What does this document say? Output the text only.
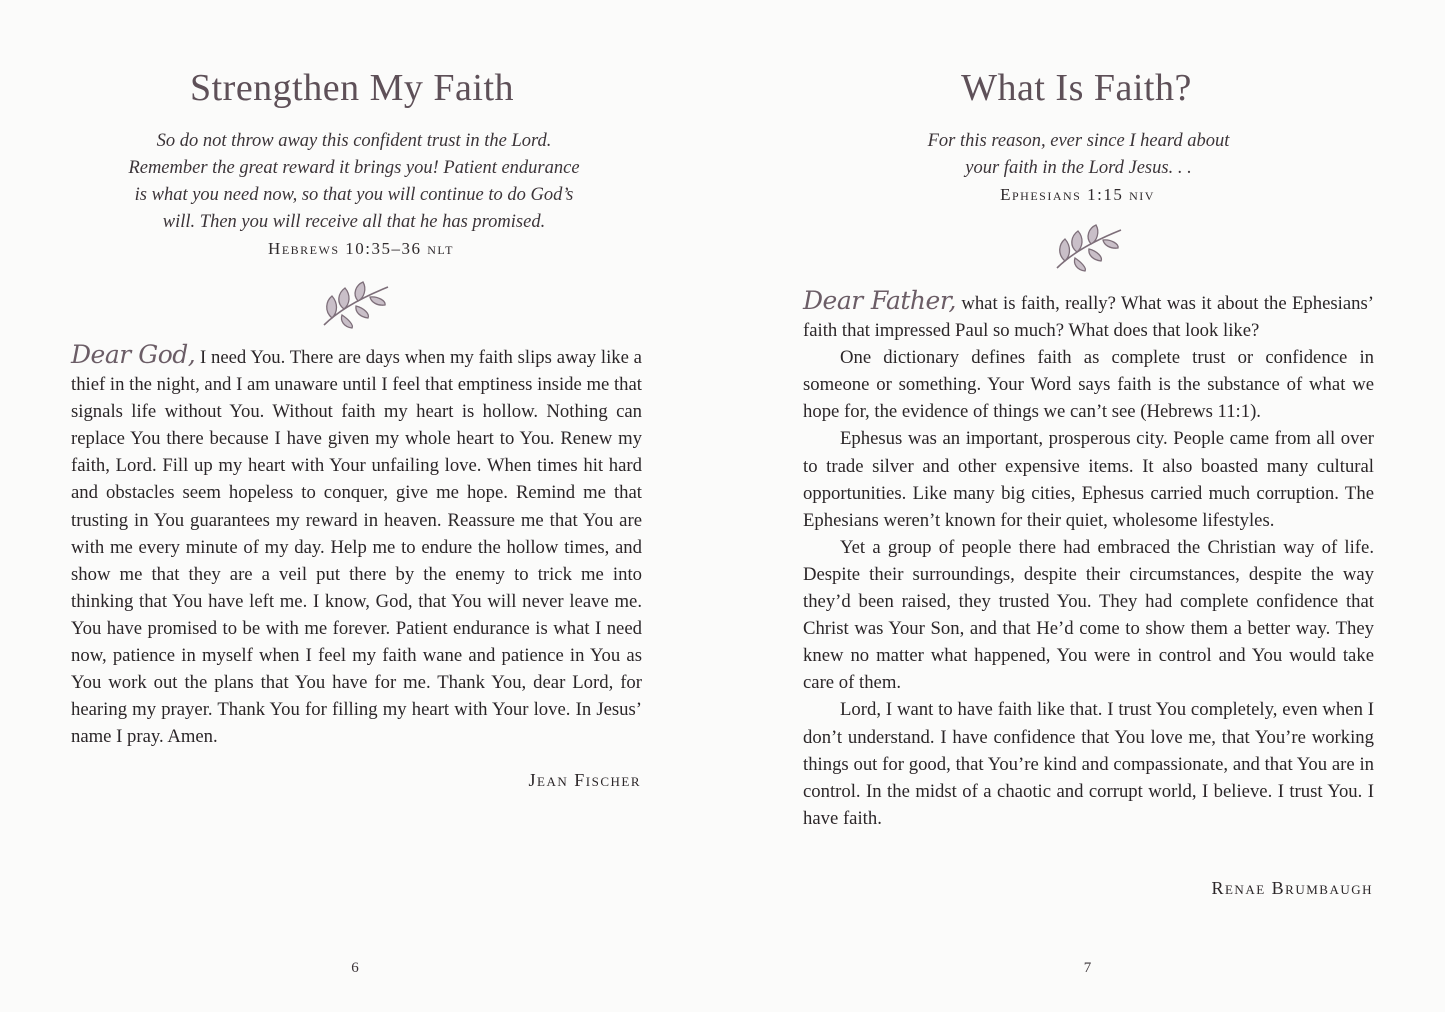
Strengthen My Faith
So do not throw away this confident trust in the Lord.
Remember the great reward it brings you! Patient endurance
is what you need now, so that you will continue to do God’s
will. Then you will receive all that he has promised.
Hebrews 10:35–36 nlt

Dear God, I need You. There are days when my faith slips away like a thief in the night, and I am unaware until I feel that emptiness inside me that signals life without You. Without faith my heart is hollow. Nothing can replace You there because I have given my whole heart to You. Renew my faith, Lord. Fill up my heart with Your unfailing love. When times hit hard and obstacles seem hopeless to conquer, give me hope. Remind me that trusting in You guarantees my reward in heaven. Reassure me that You are with me every minute of my day. Help me to endure the hollow times, and show me that they are a veil put there by the enemy to trick me into thinking that You have left me. I know, God, that You will never leave me. You have promised to be with me forever. Patient endurance is what I need now, patience in myself when I feel my faith wane and patience in You as You work out the plans that You have for me. Thank You, dear Lord, for hearing my prayer. Thank You for filling my heart with Your love. In Jesus’ name I pray. Amen.

Jean Fischer
6
What Is Faith?
For this reason, ever since I heard about
your faith in the Lord Jesus. . .
Ephesians 1:15 niv

Dear Father, what is faith, really? What was it about the Ephesians’ faith that impressed Paul so much? What does that look like?

One dictionary defines faith as complete trust or confidence in someone or something. Your Word says faith is the substance of what we hope for, the evidence of things we can’t see (Hebrews 11:1).

Ephesus was an important, prosperous city. People came from all over to trade silver and other expensive items. It also boasted many cultural opportunities. Like many big cities, Ephesus carried much corruption. The Ephesians weren’t known for their quiet, wholesome lifestyles.

Yet a group of people there had embraced the Christian way of life. Despite their surroundings, despite their circumstances, despite the way they’d been raised, they trusted You. They had complete confidence that Christ was Your Son, and that He’d come to show them a better way. They knew no matter what happened, You were in control and You would take care of them.

Lord, I want to have faith like that. I trust You completely, even when I don’t understand. I have confidence that You love me, that You’re working things out for good, that You’re kind and compassionate, and that You are in control. In the midst of a chaotic and corrupt world, I believe. I trust You. I have faith.

Renae Brumbaugh
7
